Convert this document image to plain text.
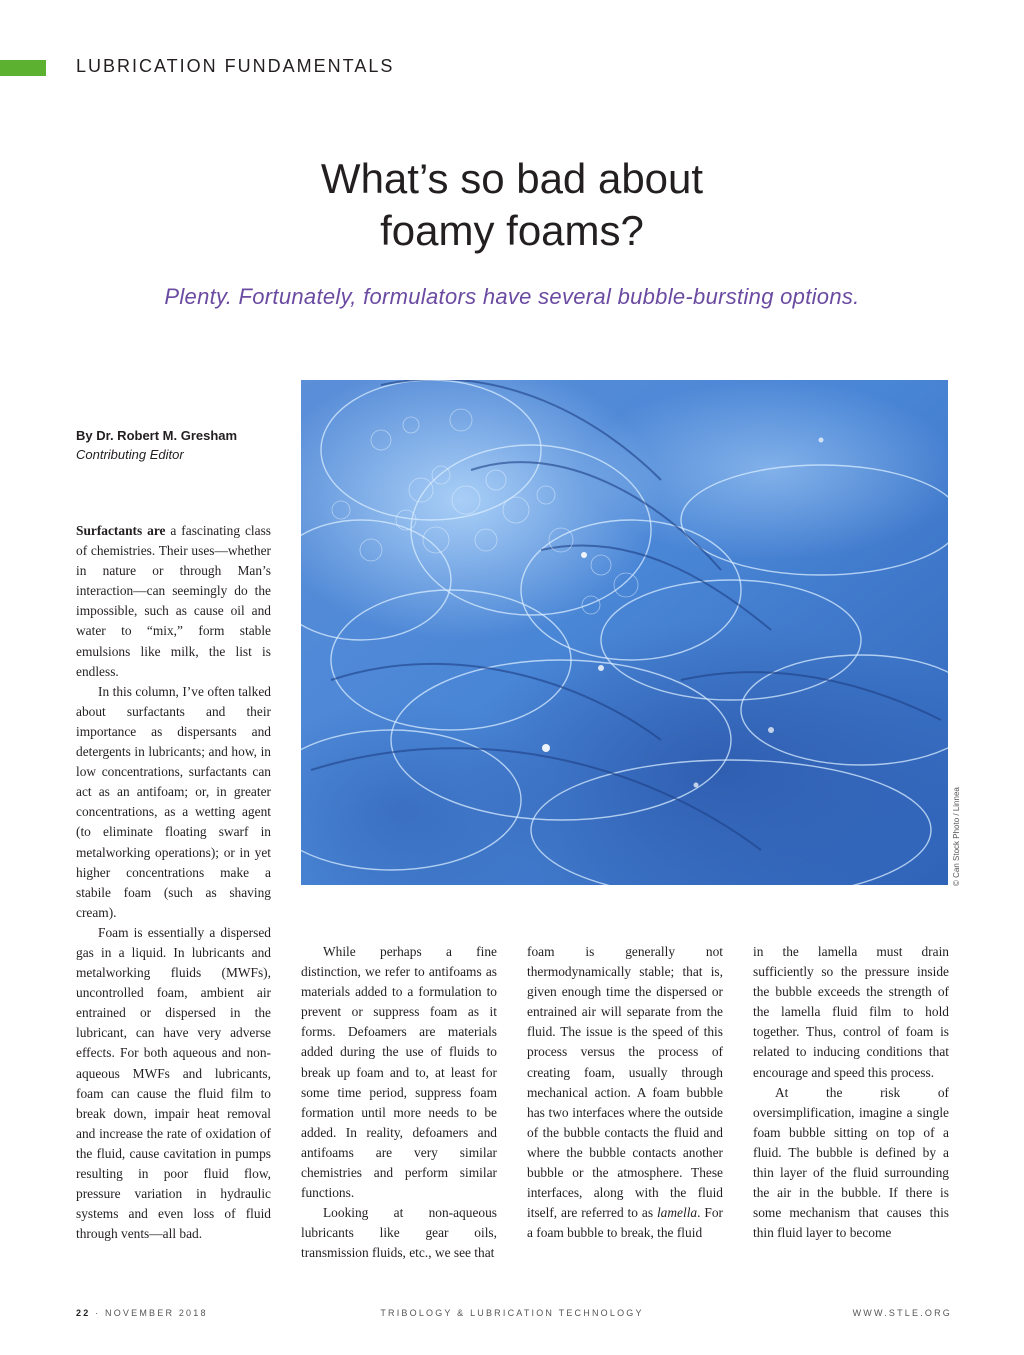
LUBRICATION FUNDAMENTALS
What’s so bad about
foamy foams?
Plenty. Fortunately, formulators have several bubble-bursting options.
By Dr. Robert M. Gresham
Contributing Editor
© Can Stock Photo / Linnea

Surfactants are a fascinating class of chemistries. Their uses—whether in nature or through Man’s interaction—can seemingly do the impossible, such as cause oil and water to “mix,” form stable emulsions like milk, the list is endless.

In this column, I’ve often talked about surfactants and their importance as dispersants and detergents in lubricants; and how, in low concentrations, surfactants can act as an antifoam; or, in greater concentrations, as a wetting agent (to eliminate floating swarf in metalworking operations); or in yet higher concentrations make a stabile foam (such as shaving cream).

Foam is essentially a dispersed gas in a liquid. In lubricants and metalworking fluids (MWFs), uncontrolled foam, ambient air entrained or dispersed in the lubricant, can have very adverse effects. For both aqueous and non-aqueous MWFs and lubricants, foam can cause the fluid film to break down, impair heat removal and increase the rate of oxidation of the fluid, cause cavitation in pumps resulting in poor fluid flow, pressure variation in hydraulic systems and even loss of fluid through vents—all bad.

While perhaps a fine distinction, we refer to antifoams as materials added to a formulation to prevent or suppress foam as it forms. Defoamers are materials added during the use of fluids to break up foam and to, at least for some time period, suppress foam formation until more needs to be added. In reality, defoamers and antifoams are very similar chemistries and perform similar functions.

Looking at non-aqueous lubricants like gear oils, transmission fluids, etc., we see that

foam is generally not thermodynamically stable; that is, given enough time the dispersed or entrained air will separate from the fluid. The issue is the speed of this process versus the process of creating foam, usually through mechanical action. A foam bubble has two interfaces where the outside of the bubble contacts the fluid and where the bubble contacts another bubble or the atmosphere. These interfaces, along with the fluid itself, are referred to as lamella. For a foam bubble to break, the fluid

in the lamella must drain sufficiently so the pressure inside the bubble exceeds the strength of the lamella fluid film to hold together. Thus, control of foam is related to inducing conditions that encourage and speed this process.

At the risk of oversimplification, imagine a single foam bubble sitting on top of a fluid. The bubble is defined by a thin layer of the fluid surrounding the air in the bubble. If there is some mechanism that causes this thin fluid layer to become

22 · NOVEMBER 2018	TRIBOLOGY & LUBRICATION TECHNOLOGY	WWW.STLE.ORG
